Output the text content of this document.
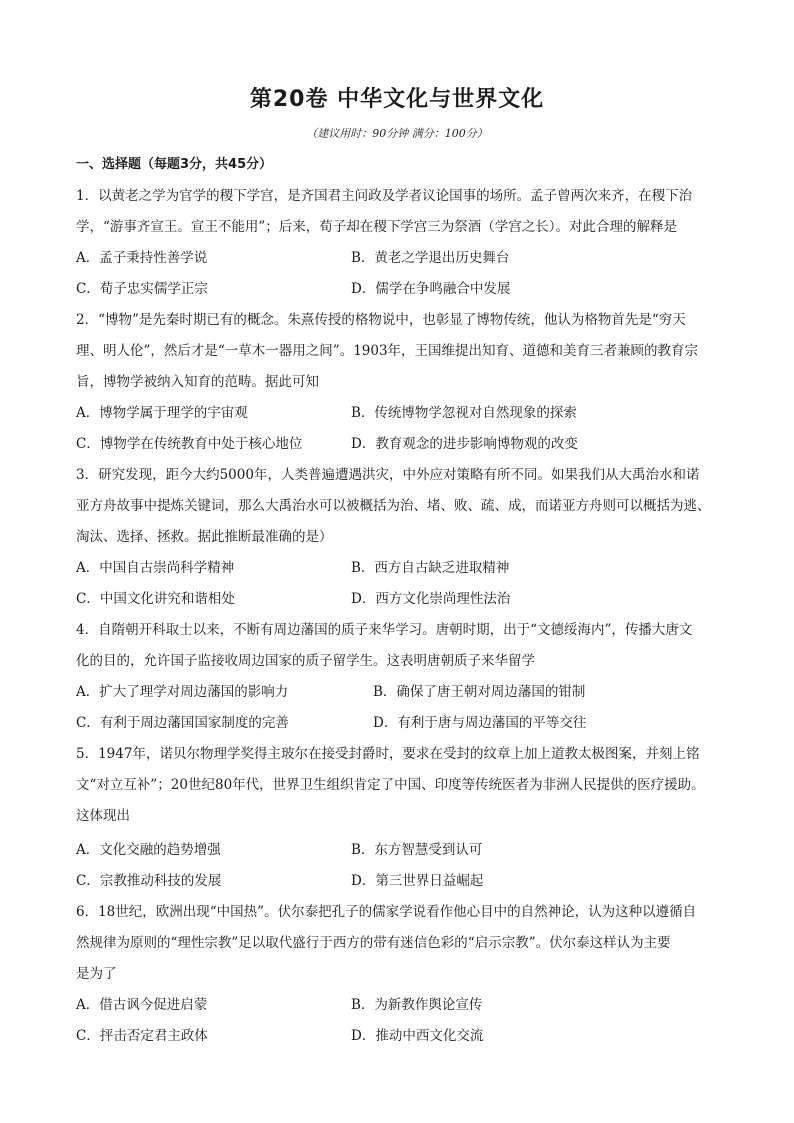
第20卷 中华文化与世界文化
（建议用时：90分钟 满分：100分）
一、选择题（每题3分，共45分）
1．以黄老之学为官学的稷下学宫，是齐国君主问政及学者议论国事的场所。孟子曾两次来齐，在稷下治
学，“游事齐宣王。宣王不能用”；后来，荀子却在稷下学宫三为祭酒（学宫之长）。对此合理的解释是
A．孟子秉持性善学说	B．黄老之学退出历史舞台
C．荀子忠实儒学正宗	D．儒学在争鸣融合中发展
2．“博物”是先秦时期已有的概念。朱熹传授的格物说中，也彰显了博物传统，他认为格物首先是“穷天
理、明人伦”，然后才是“一草木一器用之间”。1903年，王国维提出知育、道德和美育三者兼顾的教育宗
旨，博物学被纳入知育的范畴。据此可知
A．博物学属于理学的宇宙观	B．传统博物学忽视对自然现象的探索
C．博物学在传统教育中处于核心地位	D．教育观念的进步影响博物观的改变
3．研究发现，距今大约5000年，人类普遍遭遇洪灾，中外应对策略有所不同。如果我们从大禹治水和诺
亚方舟故事中提炼关键词，那么大禹治水可以被概括为治、堵、败、疏、成，而诺亚方舟则可以概括为逃、
淘汰、选择、拯救。据此推断最准确的是）
A．中国自古崇尚科学精神	B．西方自古缺乏进取精神
C．中国文化讲究和谐相处	D．西方文化崇尚理性法治
4．自隋朝开科取士以来，不断有周边藩国的质子来华学习。唐朝时期，出于“文德绥海内”，传播大唐文
化的目的，允许国子监接收周边国家的质子留学生。这表明唐朝质子来华留学
A．扩大了理学对周边藩国的影响力	B．确保了唐王朝对周边藩国的钳制
C．有利于周边藩国国家制度的完善	D．有利于唐与周边藩国的平等交往
5．1947年，诺贝尔物理学奖得主玻尔在接受封爵时，要求在受封的纹章上加上道教太极图案，并刻上铭
文“对立互补”；20世纪80年代，世界卫生组织肯定了中国、印度等传统医者为非洲人民提供的医疗援助。
这体现出
A．文化交融的趋势增强	B．东方智慧受到认可
C．宗教推动科技的发展	D．第三世界日益崛起
6．18世纪，欧洲出现“中国热”。伏尔泰把孔子的儒家学说看作他心目中的自然神论，认为这种以遵循自
然规律为原则的“理性宗教”足以取代盛行于西方的带有迷信色彩的“启示宗教”。伏尔泰这样认为主要
是为了
A．借古讽今促进启蒙	B．为新教作舆论宣传
C．抨击否定君主政体	D．推动中西文化交流
